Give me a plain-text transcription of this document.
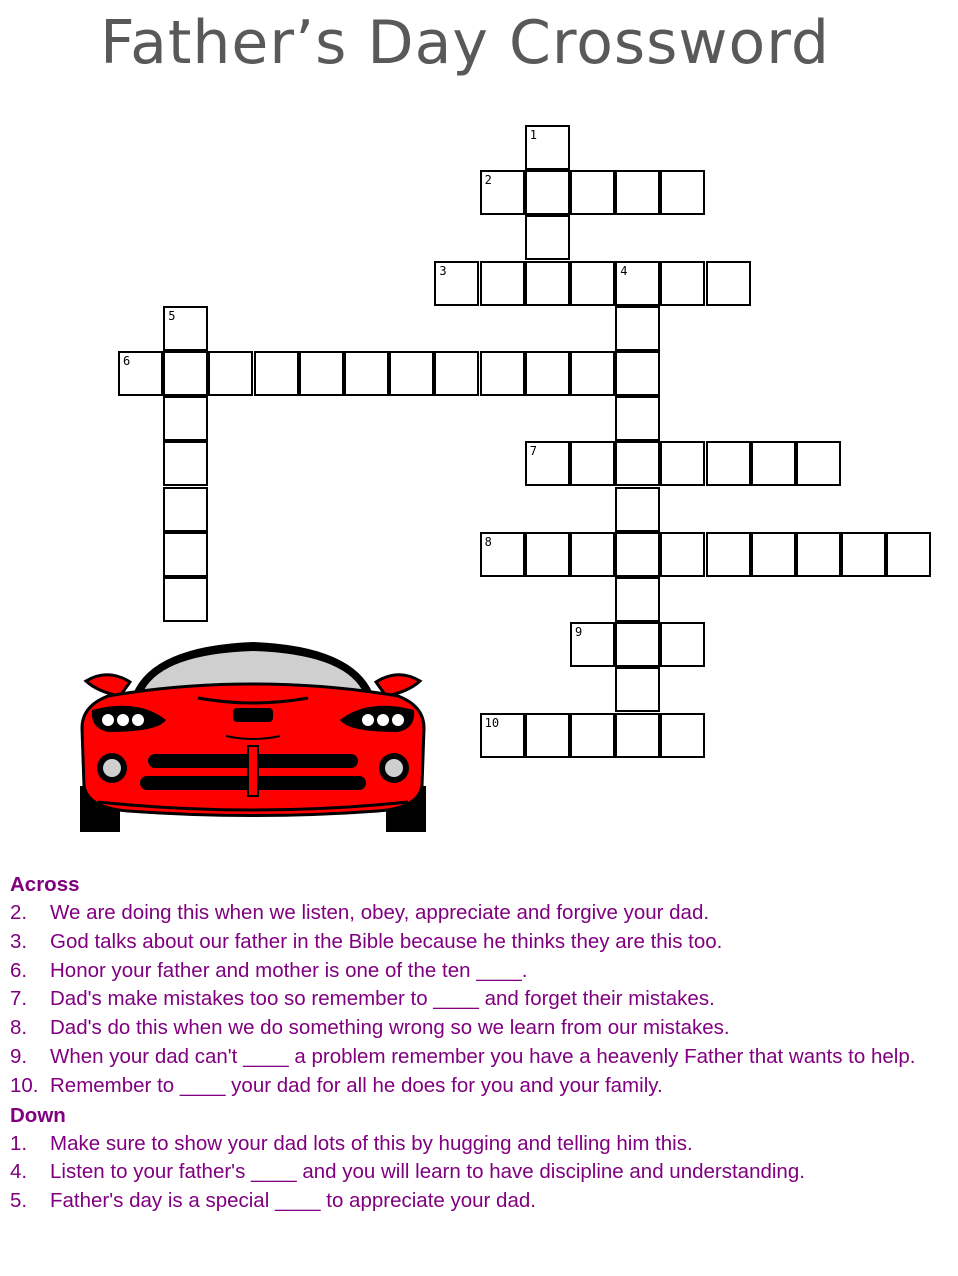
Father’s Day Crossword
1
2
3	4
5
6
7
8
9
10
Across
2. We are doing this when we listen, obey, appreciate and forgive your dad.
3. God talks about our father in the Bible because he thinks they are this too.
6. Honor your father and mother is one of the ten ____.
7. Dad's make mistakes too so remember to ____ and forget their mistakes.
8. Dad's do this when we do something wrong so we learn from our mistakes.
9. When your dad can't ____ a problem remember you have a heavenly Father that wants to help.
10. Remember to ____ your dad for all he does for you and your family.
Down
1. Make sure to show your dad lots of this by hugging and telling him this.
4. Listen to your father's ____ and you will learn to have discipline and understanding.
5. Father's day is a special ____ to appreciate your dad.
